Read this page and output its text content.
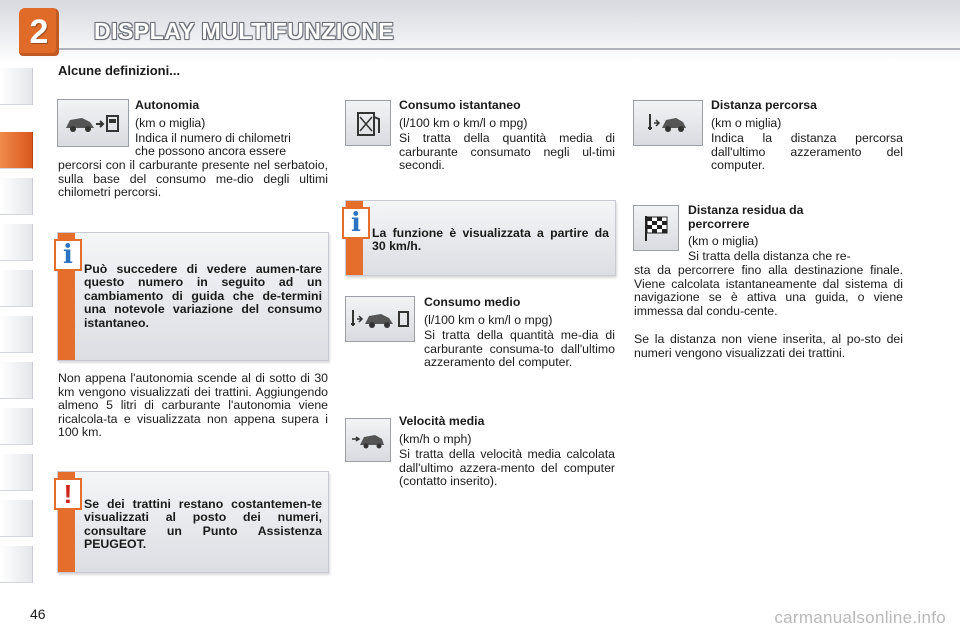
2 DISPLAY MULTIFUNZIONE
Alcune definizioni...
Autonomia
(km o miglia)
Indica il numero di chilometri
che possono ancora essere
percorsi con il carburante presente nel serbatoio, sulla base del consumo me-dio degli ultimi chilometri percorsi.
i Può succedere di vedere aumen-tare questo numero in seguito ad un cambiamento di guida che de-termini una notevole variazione del consumo istantaneo.
Non appena l'autonomia scende al di sotto di 30 km vengono visualizzati dei trattini. Aggiungendo almeno 5 litri di carburante l'autonomia viene ricalcola-ta e visualizzata non appena supera i 100 km.
! Se dei trattini restano costantemen-te visualizzati al posto dei numeri, consultare un Punto Assistenza PEUGEOT.
Consumo istantaneo
(l/100 km o km/l o mpg)
Si tratta della quantità media di carburante consumato negli ul-timi secondi.
i La funzione è visualizzata a partire da 30 km/h.
Consumo medio
(l/100 km o km/l o mpg)
Si tratta della quantità me-dia di carburante consuma-to dall'ultimo azzeramento del computer.
Velocità media
(km/h o mph)
Si tratta della velocità media calcolata dall'ultimo azzera-mento del computer (contatto inserito).
Distanza percorsa
(km o miglia)
Indica la distanza percorsa dall'ultimo azzeramento del computer.
Distanza residua da percorrere
(km o miglia)
Si tratta della distanza che re-
sta da percorrere fino alla destinazione finale. Viene calcolata istantaneamente dal sistema di navigazione se è attiva una guida, o viene immessa dal condu-cente.
Se la distanza non viene inserita, al po-sto dei numeri vengono visualizzati dei trattini.
46	carmanualsonline.info
